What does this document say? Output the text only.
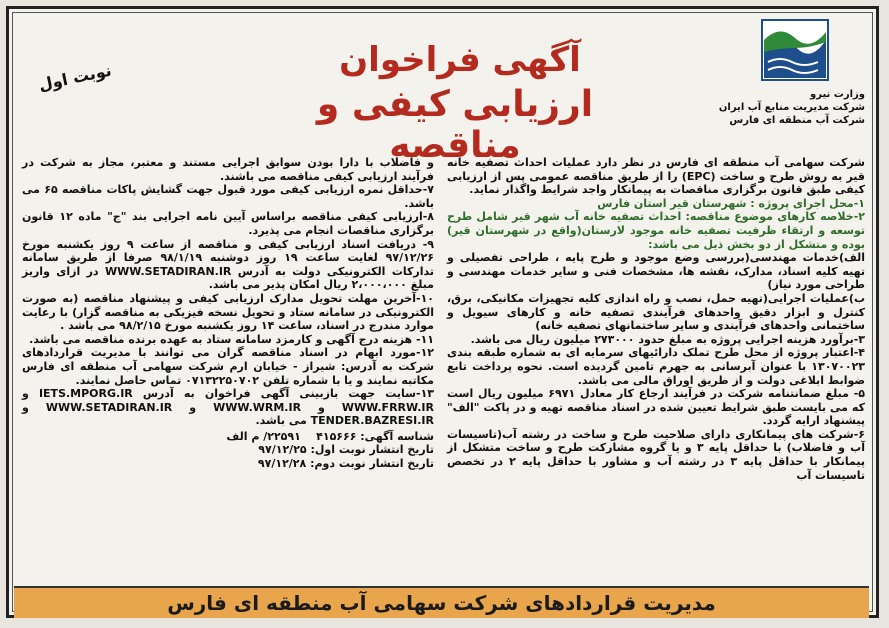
نوبت اول	آگهی فراخوان
ارزیابی کیفی و مناقصه
وزارت نیرو
شرکت مدیریت منابع آب ایران
شرکت آب منطقه ای فارس

شرکت سهامی آب منطقه ای فارس در نظر دارد عملیات احداث تصفیه خانه قیر به روش طرح و ساخت (EPC) را از طریق مناقصه عمومی پس از ارزیابی کیفی طبق قانون برگزاری مناقصات به پیمانکار واجد شرایط واگذار نماید.

۱-محل اجرای پروژه : شهرستان قیر استان فارس

۲-خلاصه کارهای موضوع مناقصه: احداث تصفیه خانه آب شهر قیر شامل طرح توسعه و ارتقاء ظرفیت تصفیه خانه موجود لارستان(واقع در شهرستان قیر) بوده و متشکل از دو بخش ذیل می باشد:

الف)خدمات مهندسی(بررسی وضع موجود و طرح پایه ، طراحی تفصیلی و تهیه کلیه اسناد، مدارک، نقشه ها، مشخصات فنی و سایر خدمات مهندسی و طراحی مورد نیاز)

ب)عملیات اجرایی(تهیه حمل، نصب و راه اندازی کلیه تجهیزات مکانیکی، برق، کنترل و ابزار دقیق واحدهای فرآیندی تصفیه خانه و کارهای سیویل و ساختمانی واحدهای فرآیندی و سایر ساختمانهای تصفیه خانه)

۳-برآورد هزینه اجرایی پروژه به مبلغ حدود ۲۷۳۰۰۰ میلیون ریال می باشد.

۴-اعتبار پروژه از محل طرح تملک دارائیهای سرمایه ای به شماره طبقه بندی ۱۳۰۷۰۰۲۳ با عنوان آبرسانی به جهرم تامین گردیده است. نحوه پرداخت تابع ضوابط ابلاغی دولت و از طریق اوراق مالی می باشد.

۵- مبلغ ضمانتنامه شرکت در فرآیند ارجاع کار معادل ۶۹۷۱ میلیون ریال است که می بایست طبق شرایط تعیین شده در اسناد مناقصه تهیه و در پاکت "الف" پیشنهاد ارایه گردد.

۶-شرکت های پیمانکاری دارای صلاحیت طرح و ساخت در رشته آب(تاسیسات آب و فاضلاب) با حداقل پایه ۳ و یا گروه مشارکت طرح و ساخت متشکل از پیمانکار با حداقل پایه ۳ در رشته آب و مشاور با حداقل پایه ۲ در تخصص تاسیسات آب

و فاضلاب با دارا بودن سوابق اجرایی مستند و معتبر، مجاز به شرکت در فرآیند ارزیابی کیفی مناقصه می باشند.

۷-حداقل نمره ارزیابی کیفی مورد قبول جهت گشایش پاکات مناقصه ۶۵ می باشد.

۸-ارزیابی کیفی مناقصه براساس آیین نامه اجرایی بند "ج" ماده ۱۲ قانون برگزاری مناقصات انجام می پذیرد.

۹- دریافت اسناد ارزیابی کیفی و مناقصه از ساعت ۹ روز یکشنبه مورخ ۹۷/۱۲/۲۶ لغایت ساعت ۱۹ روز دوشنبه ۹۸/۱/۱۹ صرفا از طریق سامانه تدارکات الکترونیکی دولت به آدرس WWW.SETADIRAN.IR در ازای واریز مبلغ ۲،۰۰۰،۰۰۰ ریال امکان پذیر می باشد.

۱۰-آخرین مهلت تحویل مدارک ارزیابی کیفی و پیشنهاد مناقصه (به صورت الکترونیکی در سامانه ستاد و تحویل نسخه فیزیکی به مناقصه گزار) با رعایت موارد مندرج در اسناد، ساعت ۱۴ روز یکشنبه مورخ ۹۸/۲/۱۵ می باشد .

۱۱- هزینه درج آگهی و کارمزد سامانه ستاد به عهده برنده مناقصه می باشد.

۱۲-مورد ابهام در اسناد مناقصه گران می توانند با مدیریت قراردادهای شرکت به آدرس: شیراز - خیابان ارم شرکت سهامی آب منطقه ای فارس مکاتبه نمایند و یا با شماره تلفن ۰۷۱۳۲۲۵۰۷۰۲ تماس حاصل نمایند.

۱۳-سایت جهت بازبینی آگهی فراخوان به آدرس IETS.MPORG.IR و WWW.FRRW.IR و WWW.WRM.IR و WWW.SETADIRAN.IR و TENDER.BAZRESI.IR می باشد.

شناسه آگهی: ۴۱۵۶۶۶    ۲۲۵۹۱/ م الف

تاریخ انتشار نوبت اول: ۹۷/۱۲/۲۵

تاریخ انتشار نوبت دوم: ۹۷/۱۲/۲۸

مدیریت قراردادهای شرکت سهامی آب منطقه ای فارس
